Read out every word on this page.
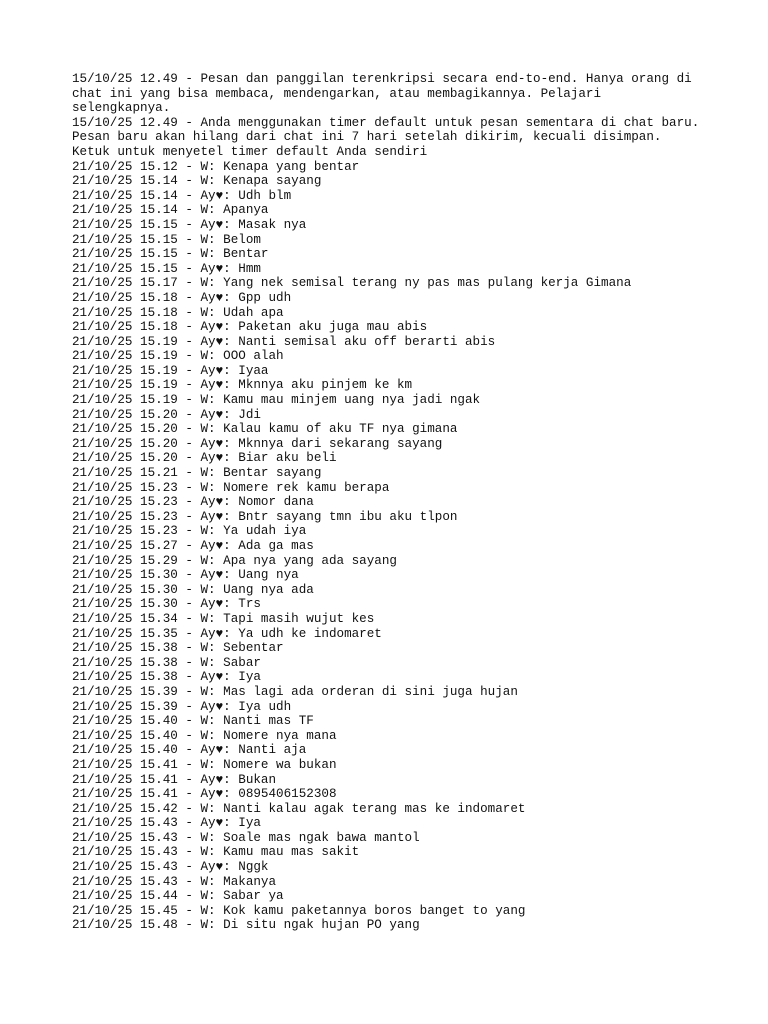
15/10/25 12.49 - Pesan dan panggilan terenkripsi secara end-to-end. Hanya orang di
chat ini yang bisa membaca, mendengarkan, atau membagikannya. Pelajari
selengkapnya.
15/10/25 12.49 - Anda menggunakan timer default untuk pesan sementara di chat baru.
Pesan baru akan hilang dari chat ini 7 hari setelah dikirim, kecuali disimpan.
Ketuk untuk menyetel timer default Anda sendiri
21/10/25 15.12 - W: Kenapa yang bentar
21/10/25 15.14 - W: Kenapa sayang
21/10/25 15.14 - Ay♥: Udh blm
21/10/25 15.14 - W: Apanya
21/10/25 15.15 - Ay♥: Masak nya
21/10/25 15.15 - W: Belom
21/10/25 15.15 - W: Bentar
21/10/25 15.15 - Ay♥: Hmm
21/10/25 15.17 - W: Yang nek semisal terang ny pas mas pulang kerja Gimana
21/10/25 15.18 - Ay♥: Gpp udh
21/10/25 15.18 - W: Udah apa
21/10/25 15.18 - Ay♥: Paketan aku juga mau abis
21/10/25 15.19 - Ay♥: Nanti semisal aku off berarti abis
21/10/25 15.19 - W: OOO alah
21/10/25 15.19 - Ay♥: Iyaa
21/10/25 15.19 - Ay♥: Mknnya aku pinjem ke km
21/10/25 15.19 - W: Kamu mau minjem uang nya jadi ngak
21/10/25 15.20 - Ay♥: Jdi
21/10/25 15.20 - W: Kalau kamu of aku TF nya gimana
21/10/25 15.20 - Ay♥: Mknnya dari sekarang sayang
21/10/25 15.20 - Ay♥: Biar aku beli
21/10/25 15.21 - W: Bentar sayang
21/10/25 15.23 - W: Nomere rek kamu berapa
21/10/25 15.23 - Ay♥: Nomor dana
21/10/25 15.23 - Ay♥: Bntr sayang tmn ibu aku tlpon
21/10/25 15.23 - W: Ya udah iya
21/10/25 15.27 - Ay♥: Ada ga mas
21/10/25 15.29 - W: Apa nya yang ada sayang
21/10/25 15.30 - Ay♥: Uang nya
21/10/25 15.30 - W: Uang nya ada
21/10/25 15.30 - Ay♥: Trs
21/10/25 15.34 - W: Tapi masih wujut kes
21/10/25 15.35 - Ay♥: Ya udh ke indomaret
21/10/25 15.38 - W: Sebentar
21/10/25 15.38 - W: Sabar
21/10/25 15.38 - Ay♥: Iya
21/10/25 15.39 - W: Mas lagi ada orderan di sini juga hujan
21/10/25 15.39 - Ay♥: Iya udh
21/10/25 15.40 - W: Nanti mas TF
21/10/25 15.40 - W: Nomere nya mana
21/10/25 15.40 - Ay♥: Nanti aja
21/10/25 15.41 - W: Nomere wa bukan
21/10/25 15.41 - Ay♥: Bukan
21/10/25 15.41 - Ay♥: 0895406152308
21/10/25 15.42 - W: Nanti kalau agak terang mas ke indomaret
21/10/25 15.43 - Ay♥: Iya
21/10/25 15.43 - W: Soale mas ngak bawa mantol
21/10/25 15.43 - W: Kamu mau mas sakit
21/10/25 15.43 - Ay♥: Nggk
21/10/25 15.43 - W: Makanya
21/10/25 15.44 - W: Sabar ya
21/10/25 15.45 - W: Kok kamu paketannya boros banget to yang
21/10/25 15.48 - W: Di situ ngak hujan PO yang
